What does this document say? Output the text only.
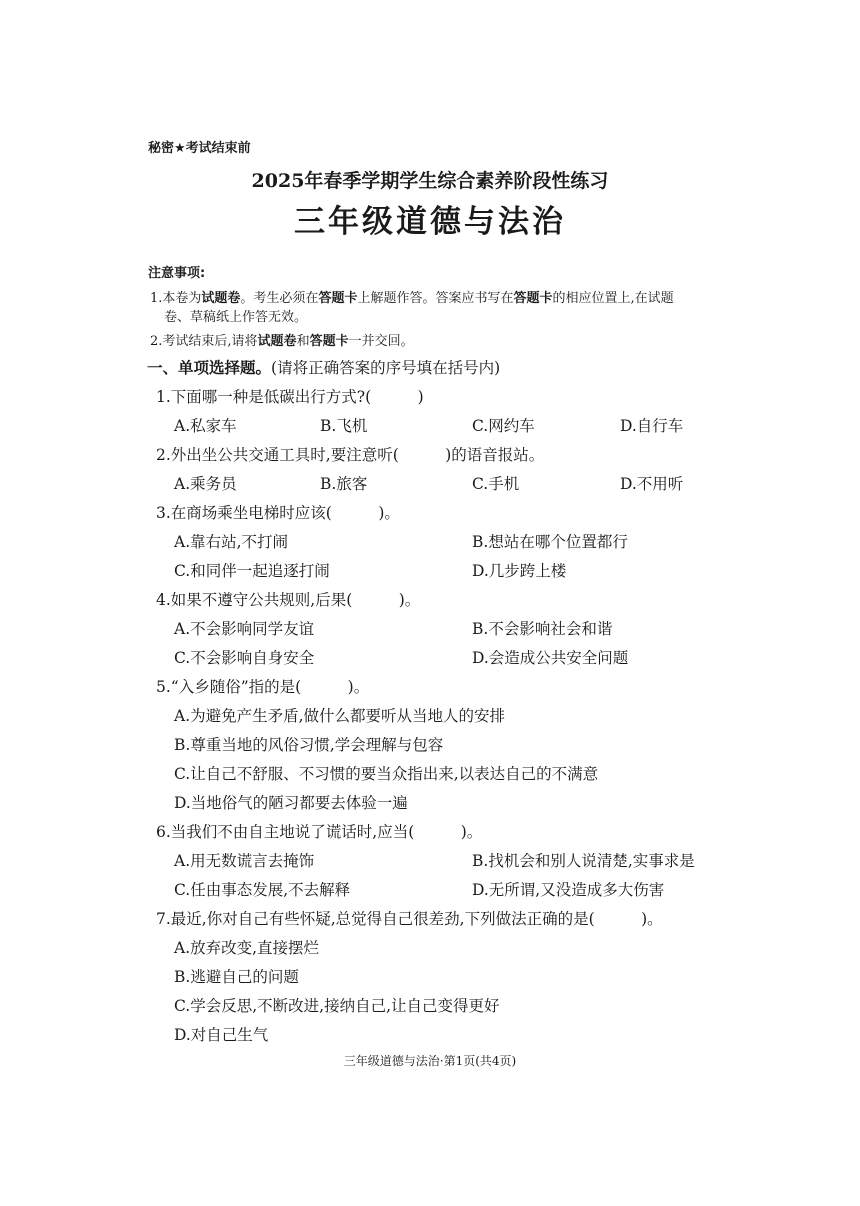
秘密★考试结束前
2025年春季学期学生综合素养阶段性练习
三年级道德与法治
注意事项:
1.本卷为试题卷。考生必须在答题卡上解题作答。答案应书写在答题卡的相应位置上,在试题
卷、草稿纸上作答无效。
2.考试结束后,请将试题卷和答题卡一并交回。
一、单项选择题。(请将正确答案的序号填在括号内)
1.下面哪一种是低碳出行方式?(　　　)
A.私家车	B.飞机	C.网约车	D.自行车
2.外出坐公共交通工具时,要注意听(　　　)的语音报站。
A.乘务员	B.旅客	C.手机	D.不用听
3.在商场乘坐电梯时应该(　　　)。
A.靠右站,不打闹	B.想站在哪个位置都行
C.和同伴一起追逐打闹	D.几步跨上楼
4.如果不遵守公共规则,后果(　　　)。
A.不会影响同学友谊	B.不会影响社会和谐
C.不会影响自身安全	D.会造成公共安全问题
5.“入乡随俗”指的是(　　　)。
A.为避免产生矛盾,做什么都要听从当地人的安排
B.尊重当地的风俗习惯,学会理解与包容
C.让自己不舒服、不习惯的要当众指出来,以表达自己的不满意
D.当地俗气的陋习都要去体验一遍
6.当我们不由自主地说了谎话时,应当(　　　)。
A.用无数谎言去掩饰	B.找机会和别人说清楚,实事求是
C.任由事态发展,不去解释	D.无所谓,又没造成多大伤害
7.最近,你对自己有些怀疑,总觉得自己很差劲,下列做法正确的是(　　　)。
A.放弃改变,直接摆烂
B.逃避自己的问题
C.学会反思,不断改进,接纳自己,让自己变得更好
D.对自己生气
三年级道德与法治·第1页(共4页)
